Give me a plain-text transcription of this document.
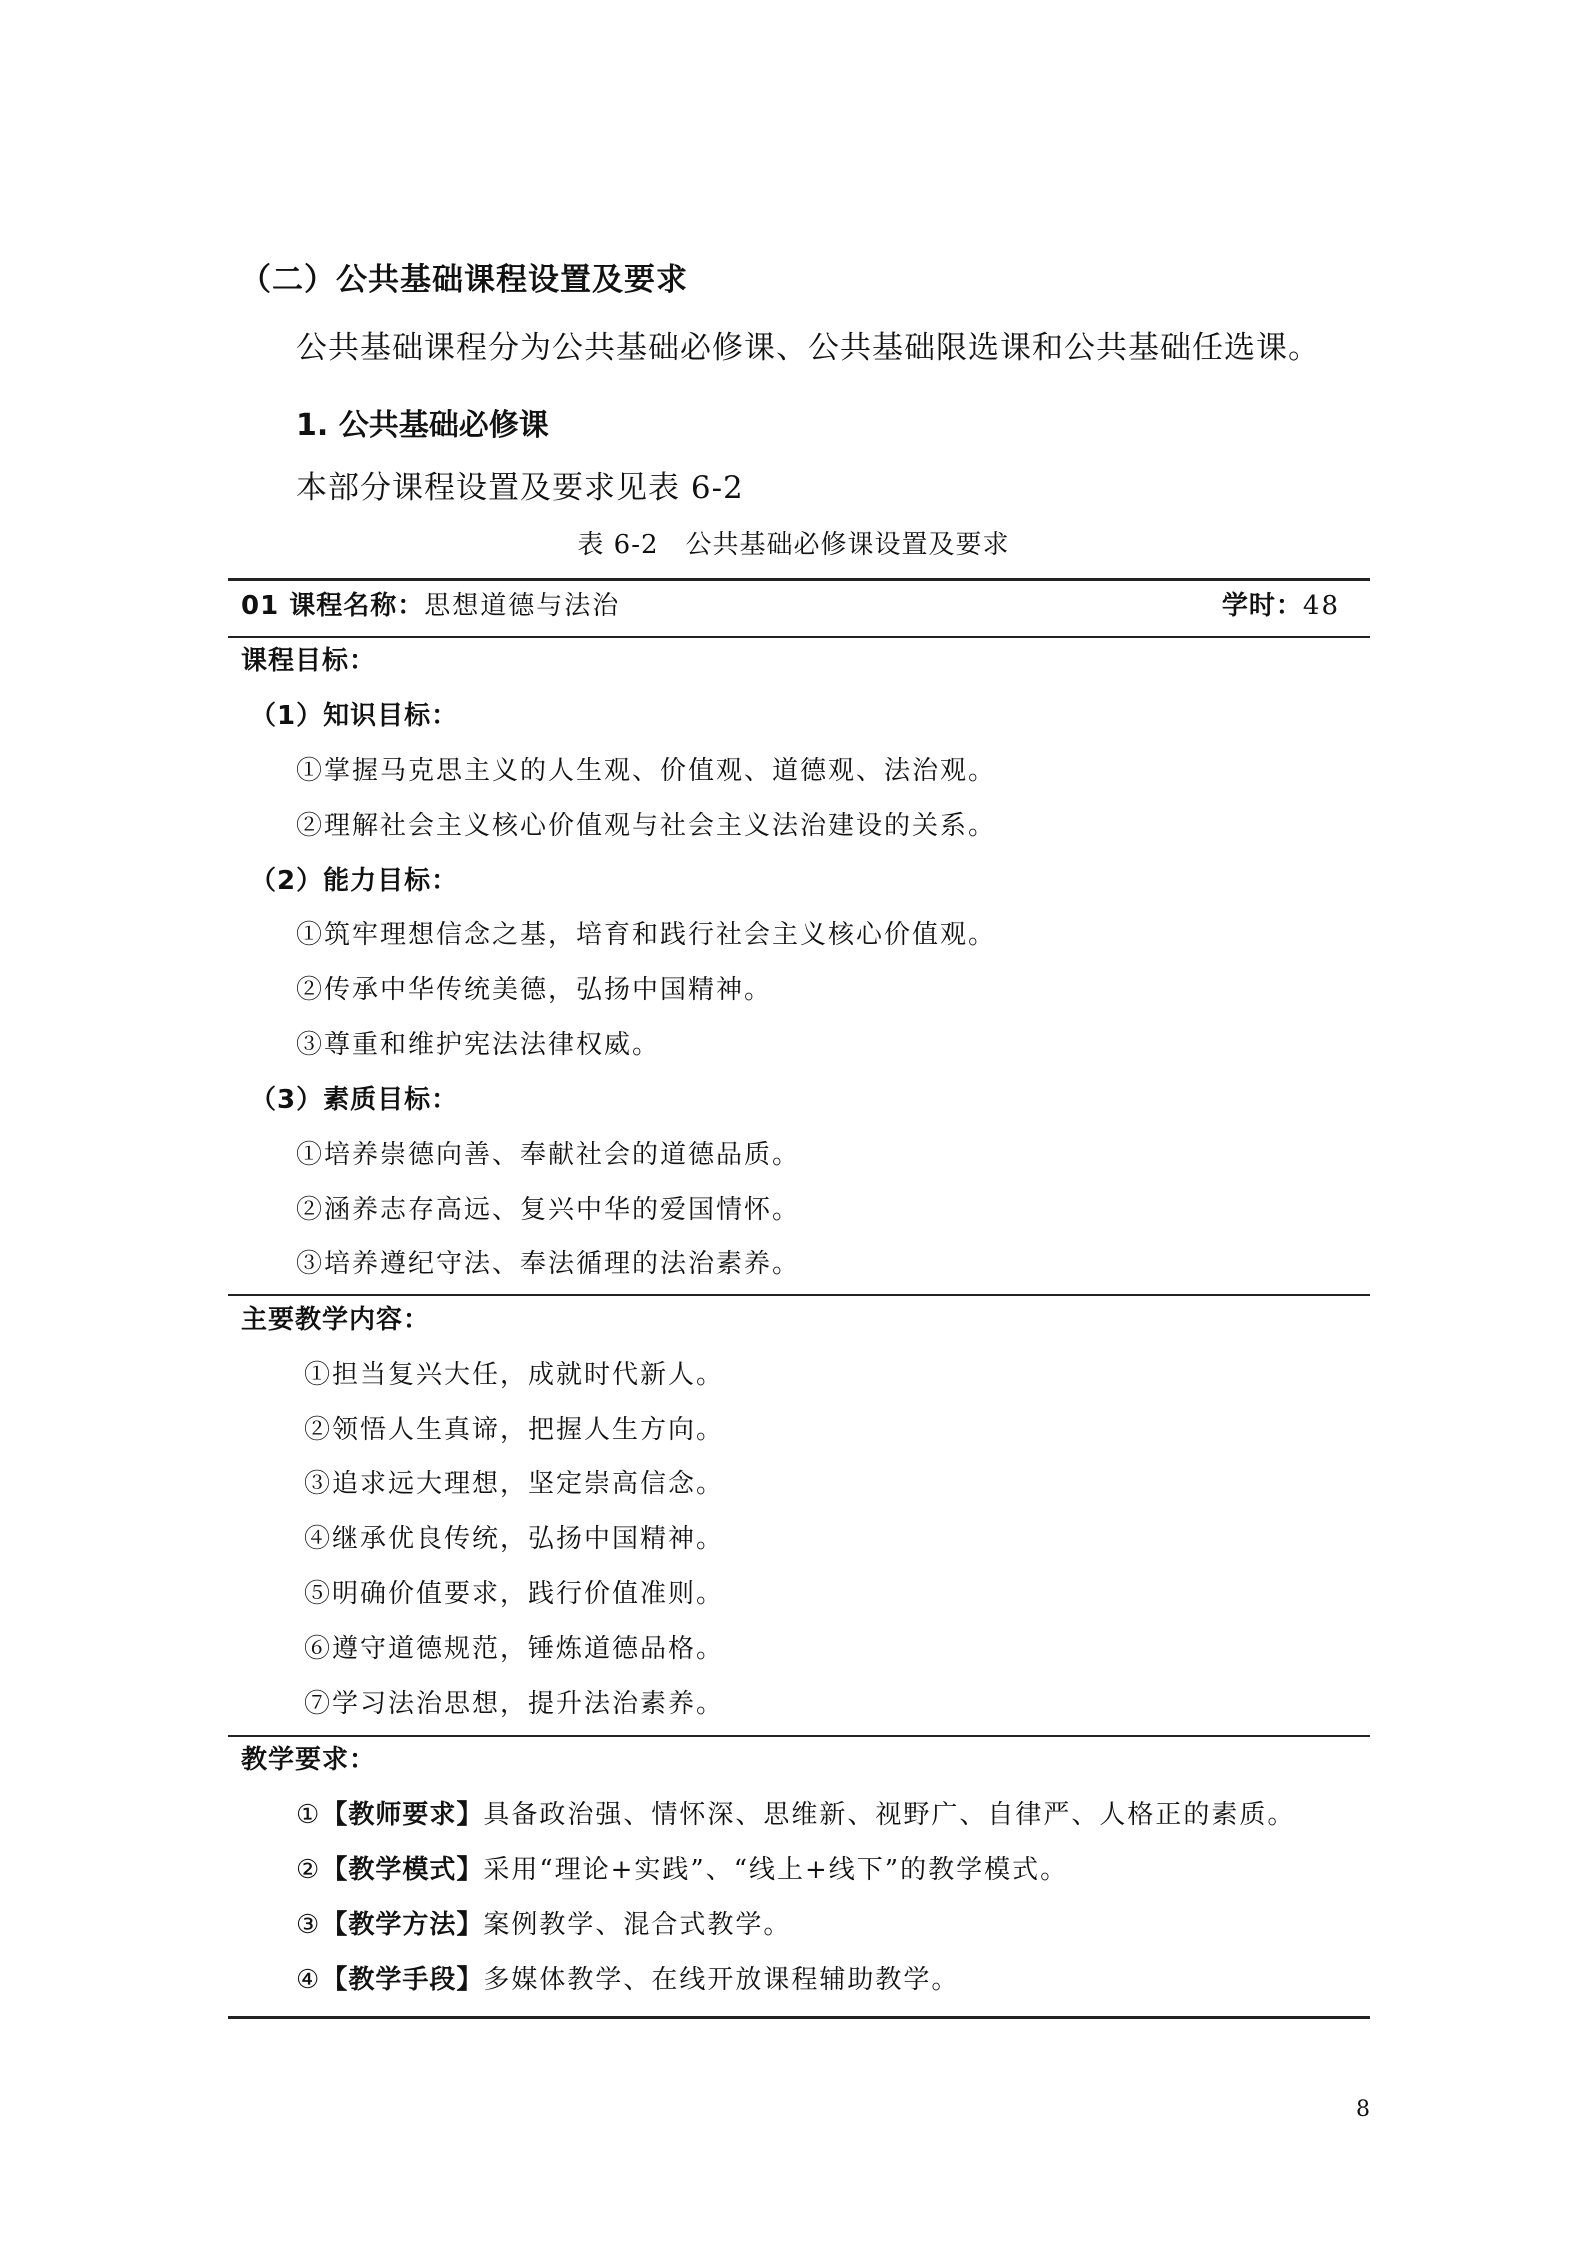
（二）公共基础课程设置及要求
公共基础课程分为公共基础必修课、公共基础限选课和公共基础任选课。
1. 公共基础必修课
本部分课程设置及要求见表 6-2
表 6-2　公共基础必修课设置及要求
01 课程名称：思想道德与法治	学时：48
课程目标：
（1）知识目标：
①掌握马克思主义的人生观、价值观、道德观、法治观。
②理解社会主义核心价值观与社会主义法治建设的关系。
（2）能力目标：
①筑牢理想信念之基，培育和践行社会主义核心价值观。
②传承中华传统美德，弘扬中国精神。
③尊重和维护宪法法律权威。
（3）素质目标：
①培养崇德向善、奉献社会的道德品质。
②涵养志存高远、复兴中华的爱国情怀。
③培养遵纪守法、奉法循理的法治素养。
主要教学内容：
①担当复兴大任，成就时代新人。
②领悟人生真谛，把握人生方向。
③追求远大理想，坚定崇高信念。
④继承优良传统，弘扬中国精神。
⑤明确价值要求，践行价值准则。
⑥遵守道德规范，锤炼道德品格。
⑦学习法治思想，提升法治素养。
教学要求：
①【教师要求】具备政治强、情怀深、思维新、视野广、自律严、人格正的素质。
②【教学模式】采用“理论+实践”、“线上+线下”的教学模式。
③【教学方法】案例教学、混合式教学。
④【教学手段】多媒体教学、在线开放课程辅助教学。
8
